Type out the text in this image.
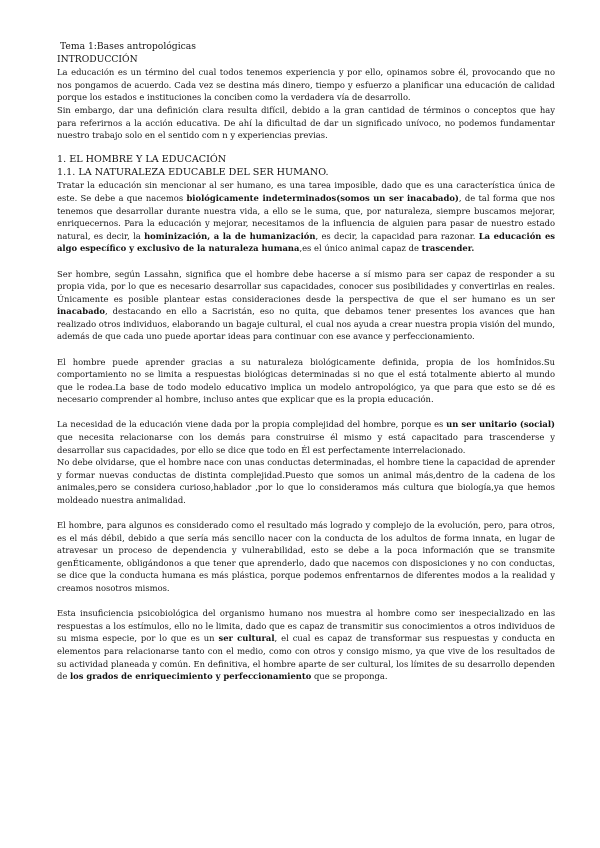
Tema 1:Bases antropológicas

INTRODUCCIÓN

La educación es un término del cual todos tenemos experiencia y por ello, opinamos sobre él, provocando que no nos pongamos de acuerdo. Cada vez se destina más dinero, tiempo y esfuerzo a planificar una educación de calidad porque los estados e instituciones la conciben como la verdadera vía de desarrollo.

Sin embargo, dar una definición clara resulta difícil, debido a la gran cantidad de términos o conceptos que hay para referirnos a la acción educativa. De ahí la dificultad de dar un significado unívoco, no podemos fundamentar nuestro trabajo solo en el sentido com n y experiencias previas.

1. EL HOMBRE Y LA EDUCACIÓN

1.1. LA NATURALEZA EDUCABLE DEL SER HUMANO.

Tratar la educación sin mencionar al ser humano, es una tarea imposible, dado que es una característica única de este. Se debe a que nacemos biológicamente indeterminados(somos un ser inacabado), de tal forma que nos tenemos que desarrollar durante nuestra vida, a ello se le suma, que, por naturaleza, siempre buscamos mejorar, enriquecernos. Para la educación y mejorar, necesitamos de la influencia de alguien para pasar de nuestro estado natural, es decir, la hominización, a la de humanización, es decir, la capacidad para razonar. La educación es algo específico y exclusivo de la naturaleza humana,es el único animal capaz de trascender.

Ser hombre, según Lassahn, significa que el hombre debe hacerse a sí mismo para ser capaz de responder a su propia vida, por lo que es necesario desarrollar sus capacidades, conocer sus posibilidades y convertirlas en reales. Únicamente es posible plantear estas consideraciones desde la perspectiva de que el ser humano es un ser inacabado, destacando en ello a Sacristán, eso no quita, que debamos tener presentes los avances que han realizado otros individuos, elaborando un bagaje cultural, el cual nos ayuda a crear nuestra propia visión del mundo, además de que cada uno puede aportar ideas para continuar con ese avance y perfeccionamiento.

El hombre puede aprender gracias a su naturaleza biológicamente definida, propia de los homÍnidos.Su comportamiento no se limita a respuestas biológicas determinadas si no que el está totalmente abierto al mundo que le rodea.La base de todo modelo educativo implica un modelo antropológico, ya que para que esto se dé es necesario comprender al hombre, incluso antes que explicar que es la propia educación.

La necesidad de la educación viene dada por la propia complejidad del hombre, porque es un ser unitario (social) que necesita relacionarse con los demás para construirse él mismo y está capacitado para trascenderse y desarrollar sus capacidades, por ello se dice que todo en Él est perfectamente interrelacionado.

No debe olvidarse, que el hombre nace con unas conductas determinadas, el hombre tiene la capacidad de aprender y formar nuevas conductas de distinta complejidad.Puesto que somos un animal más,dentro de la cadena de los animales,pero se considera curioso,hablador ,por lo que lo consideramos más cultura que biología,ya que hemos moldeado nuestra animalidad.

El hombre, para algunos es considerado como el resultado más logrado y complejo de la evolución, pero, para otros, es el más débil, debido a que sería más sencillo nacer con la conducta de los adultos de forma innata, en lugar de atravesar un proceso de dependencia y vulnerabilidad, esto se debe a la poca información que se transmite genÉticamente, obligándonos a que tener que aprenderlo, dado que nacemos con disposiciones y no con conductas, se dice que la conducta humana es más plástica, porque podemos enfrentarnos de diferentes modos a la realidad y creamos nosotros mismos.

Esta insuficiencia psicobiológica del organismo humano nos muestra al hombre como ser inespecializado en las respuestas a los estímulos, ello no le limita, dado que es capaz de transmitir sus conocimientos a otros individuos de su misma especie, por lo que es un ser cultural, el cual es capaz de transformar sus respuestas y conducta en elementos para relacionarse tanto con el medio, como con otros y consigo mismo, ya que vive de los resultados de su actividad planeada y común. En definitiva, el hombre aparte de ser cultural, los límites de su desarrollo dependen de los grados de enriquecimiento y perfeccionamiento que se proponga.
